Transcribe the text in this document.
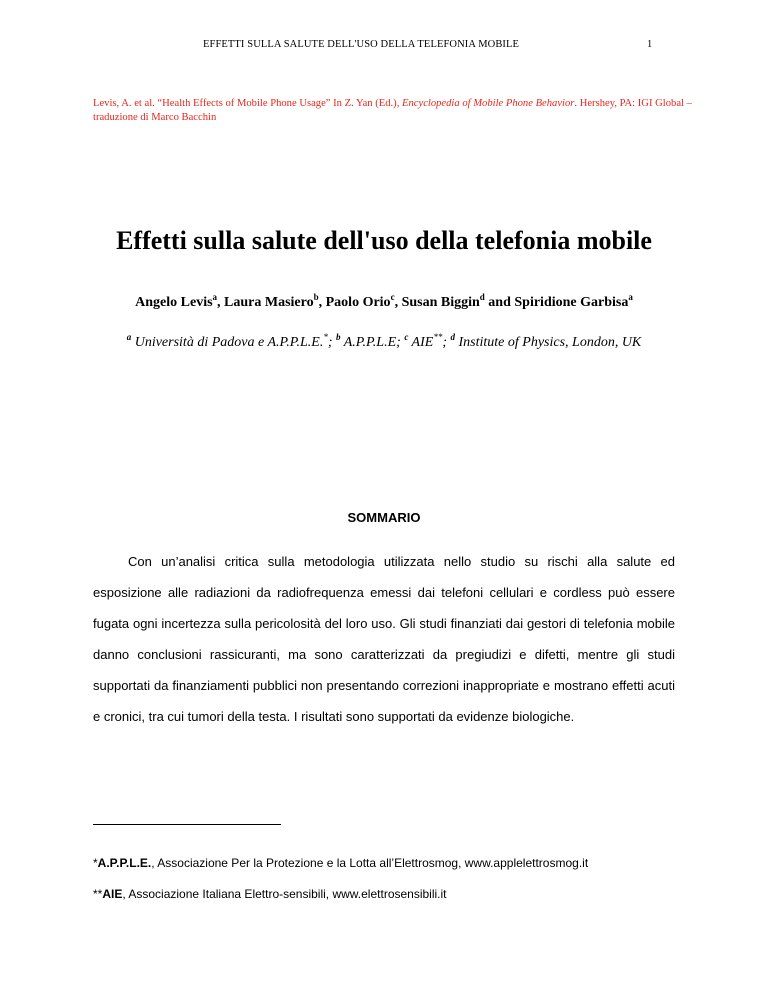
EFFETTI SULLA SALUTE DELL'USO DELLA TELEFONIA MOBILE	1
Levis, A. et al. “Health Effects of Mobile Phone Usage” In Z. Yan (Ed.), Encyclopedia of Mobile Phone Behavior. Hershey, PA: IGI Global – traduzione di Marco Bacchin
Effetti sulla salute dell'uso della telefonia mobile
Angelo Levis$^a$, Laura Masiero$^b$, Paolo Orio$^c$, Susan Biggin$^d$ and Spiridione Garbisa$^a$
$^a$ Università di Padova e A.P.P.L.E.*; $^b$ A.P.P.L.E; $^c$ AIE**; $^d$ Institute of Physics, London, UK
SOMMARIO

Con un’analisi critica sulla metodologia utilizzata nello studio su rischi alla salute ed esposizione alle radiazioni da radiofrequenza emessi dai telefoni cellulari e cordless può essere fugata ogni incertezza sulla pericolosità del loro uso. Gli studi finanziati dai gestori di telefonia mobile danno conclusioni rassicuranti, ma sono caratterizzati da pregiudizi e difetti, mentre gli studi supportati da finanziamenti pubblici non presentando correzioni inappropriate e mostrano effetti acuti e cronici, tra cui tumori della testa. I risultati sono supportati da evidenze biologiche.

*A.P.P.L.E., Associazione Per la Protezione e la Lotta all’Elettrosmog, www.applelettrosmog.it
**AIE, Associazione Italiana Elettro-sensibili, www.elettrosensibili.it
